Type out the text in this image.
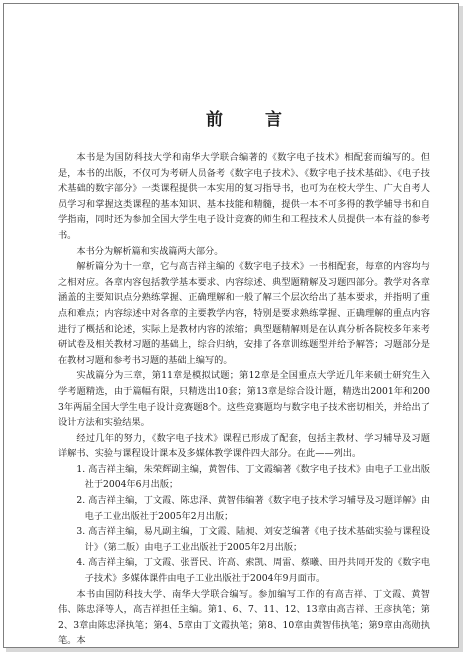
前 言

本书是为国防科技大学和南华大学联合编著的《数字电子技术》相配套而编写的。但是，本书的出版，不仅可为考研人员备考《数字电子技术》、《数字电子技术基础》、《电子技术基础的数字部分》一类课程提供一本实用的复习指导书，也可为在校大学生、广大自考人员学习和掌握这类课程的基本知识、基本技能和精髓，提供一本不可多得的教学辅导书和自学指南，同时还为参加全国大学生电子设计竞赛的师生和工程技术人员提供一本有益的参考书。

本书分为解析篇和实战篇两大部分。

解析篇分为十一章，它与高吉祥主编的《数字电子技术》一书相配套，每章的内容均与之相对应。各章内容包括教学基本要求、内容综述、典型题精解及习题四部分。教学对各章涵盖的主要知识点分熟练掌握、正确理解和一般了解三个层次给出了基本要求，并指明了重点和难点；内容综述中对各章的主要教学内容，特别是要求熟练掌握、正确理解的重点内容进行了概括和论述，实际上是教材内容的浓缩；典型题精解则是在认真分析各院校多年来考研试卷及相关教材习题的基础上，综合归纳，安排了各章训练题型并给予解答；习题部分是在教材习题和参考书习题的基础上编写的。

实战篇分为三章，第11章是模拟试题；第12章是全国重点大学近几年来硕士研究生入学考题精选，由于篇幅有限，只精选出10套；第13章是综合设计题，精选出2001年和2003年两届全国大学生电子设计竞赛题8个。这些竞赛题均与数字电子技术密切相关，并给出了设计方法和实验结果。

经过几年的努力，《数字电子技术》课程已形成了配套，包括主教材、学习辅导及习题详解书、实验与课程设计课本及多媒体教学课件四大部分。在此——列出。

1. 高吉祥主编，朱荣辉副主编，黄智伟、丁文霞编著《数字电子技术》由电子工业出版社于2004年6月出版；

2. 高吉祥主编，丁文霞、陈忠泽、黄智伟编著《数字电子技术学习辅导及习题详解》由电子工业出版社于2005年2月出版；

3. 高吉祥主编，易凡副主编，丁文霞、陆昶、刘安芝编著《电子技术基础实验与课程设计》（第二版）由电子工业出版社于2005年2月出版；

4. 高吉祥主编，丁文霞、张晋民、许高、索凯、周雷、蔡曦、田丹共同开发的《数字电子技术》多媒体课件由电子工业出版社于2004年9月面市。

本书由国防科技大学、南华大学联合编写。参加编写工作的有高吉祥、丁文霞、黄智伟、陈忠泽等人，高吉祥担任主编。第1、6、7、11、12、13章由高吉祥、王彦执笔；第2、3章由陈忠泽执笔；第4、5章由丁文霞执笔；第8、10章由黄智伟执笔；第9章由高勋执笔。本
